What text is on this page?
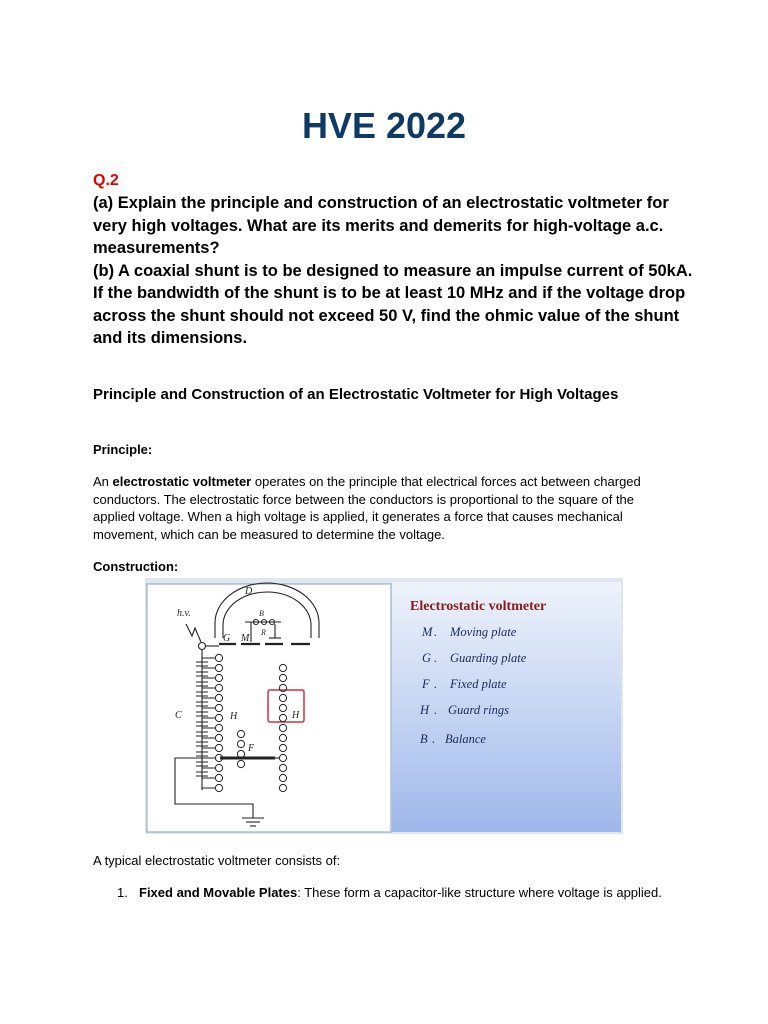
HVE 2022
Q.2

(a) Explain the principle and construction of an electrostatic voltmeter for very high voltages. What are its merits and demerits for high-voltage a.c. measurements?

(b) A coaxial shunt is to be designed to measure an impulse current of 50kA. If the bandwidth of the shunt is to be at least 10 MHz and if the voltage drop across the shunt should not exceed 50 V, find the ohmic value of the shunt and its dimensions.

Principle and Construction of an Electrostatic Voltmeter for High Voltages
Principle:
An electrostatic voltmeter operates on the principle that electrical forces act between charged conductors. The electrostatic force between the conductors is proportional to the square of the applied voltage. When a high voltage is applied, it generates a force that causes mechanical movement, which can be measured to determine the voltage.
Construction:
Electrostatic voltmeter
M . Moving plate
G . Guarding plate
F . Fixed plate
H . Guard rings
B . Balance
D
h.v.	B
R
G M
C	H	H
F
A typical electrostatic voltmeter consists of:
1. Fixed and Movable Plates: These form a capacitor-like structure where voltage is applied.
